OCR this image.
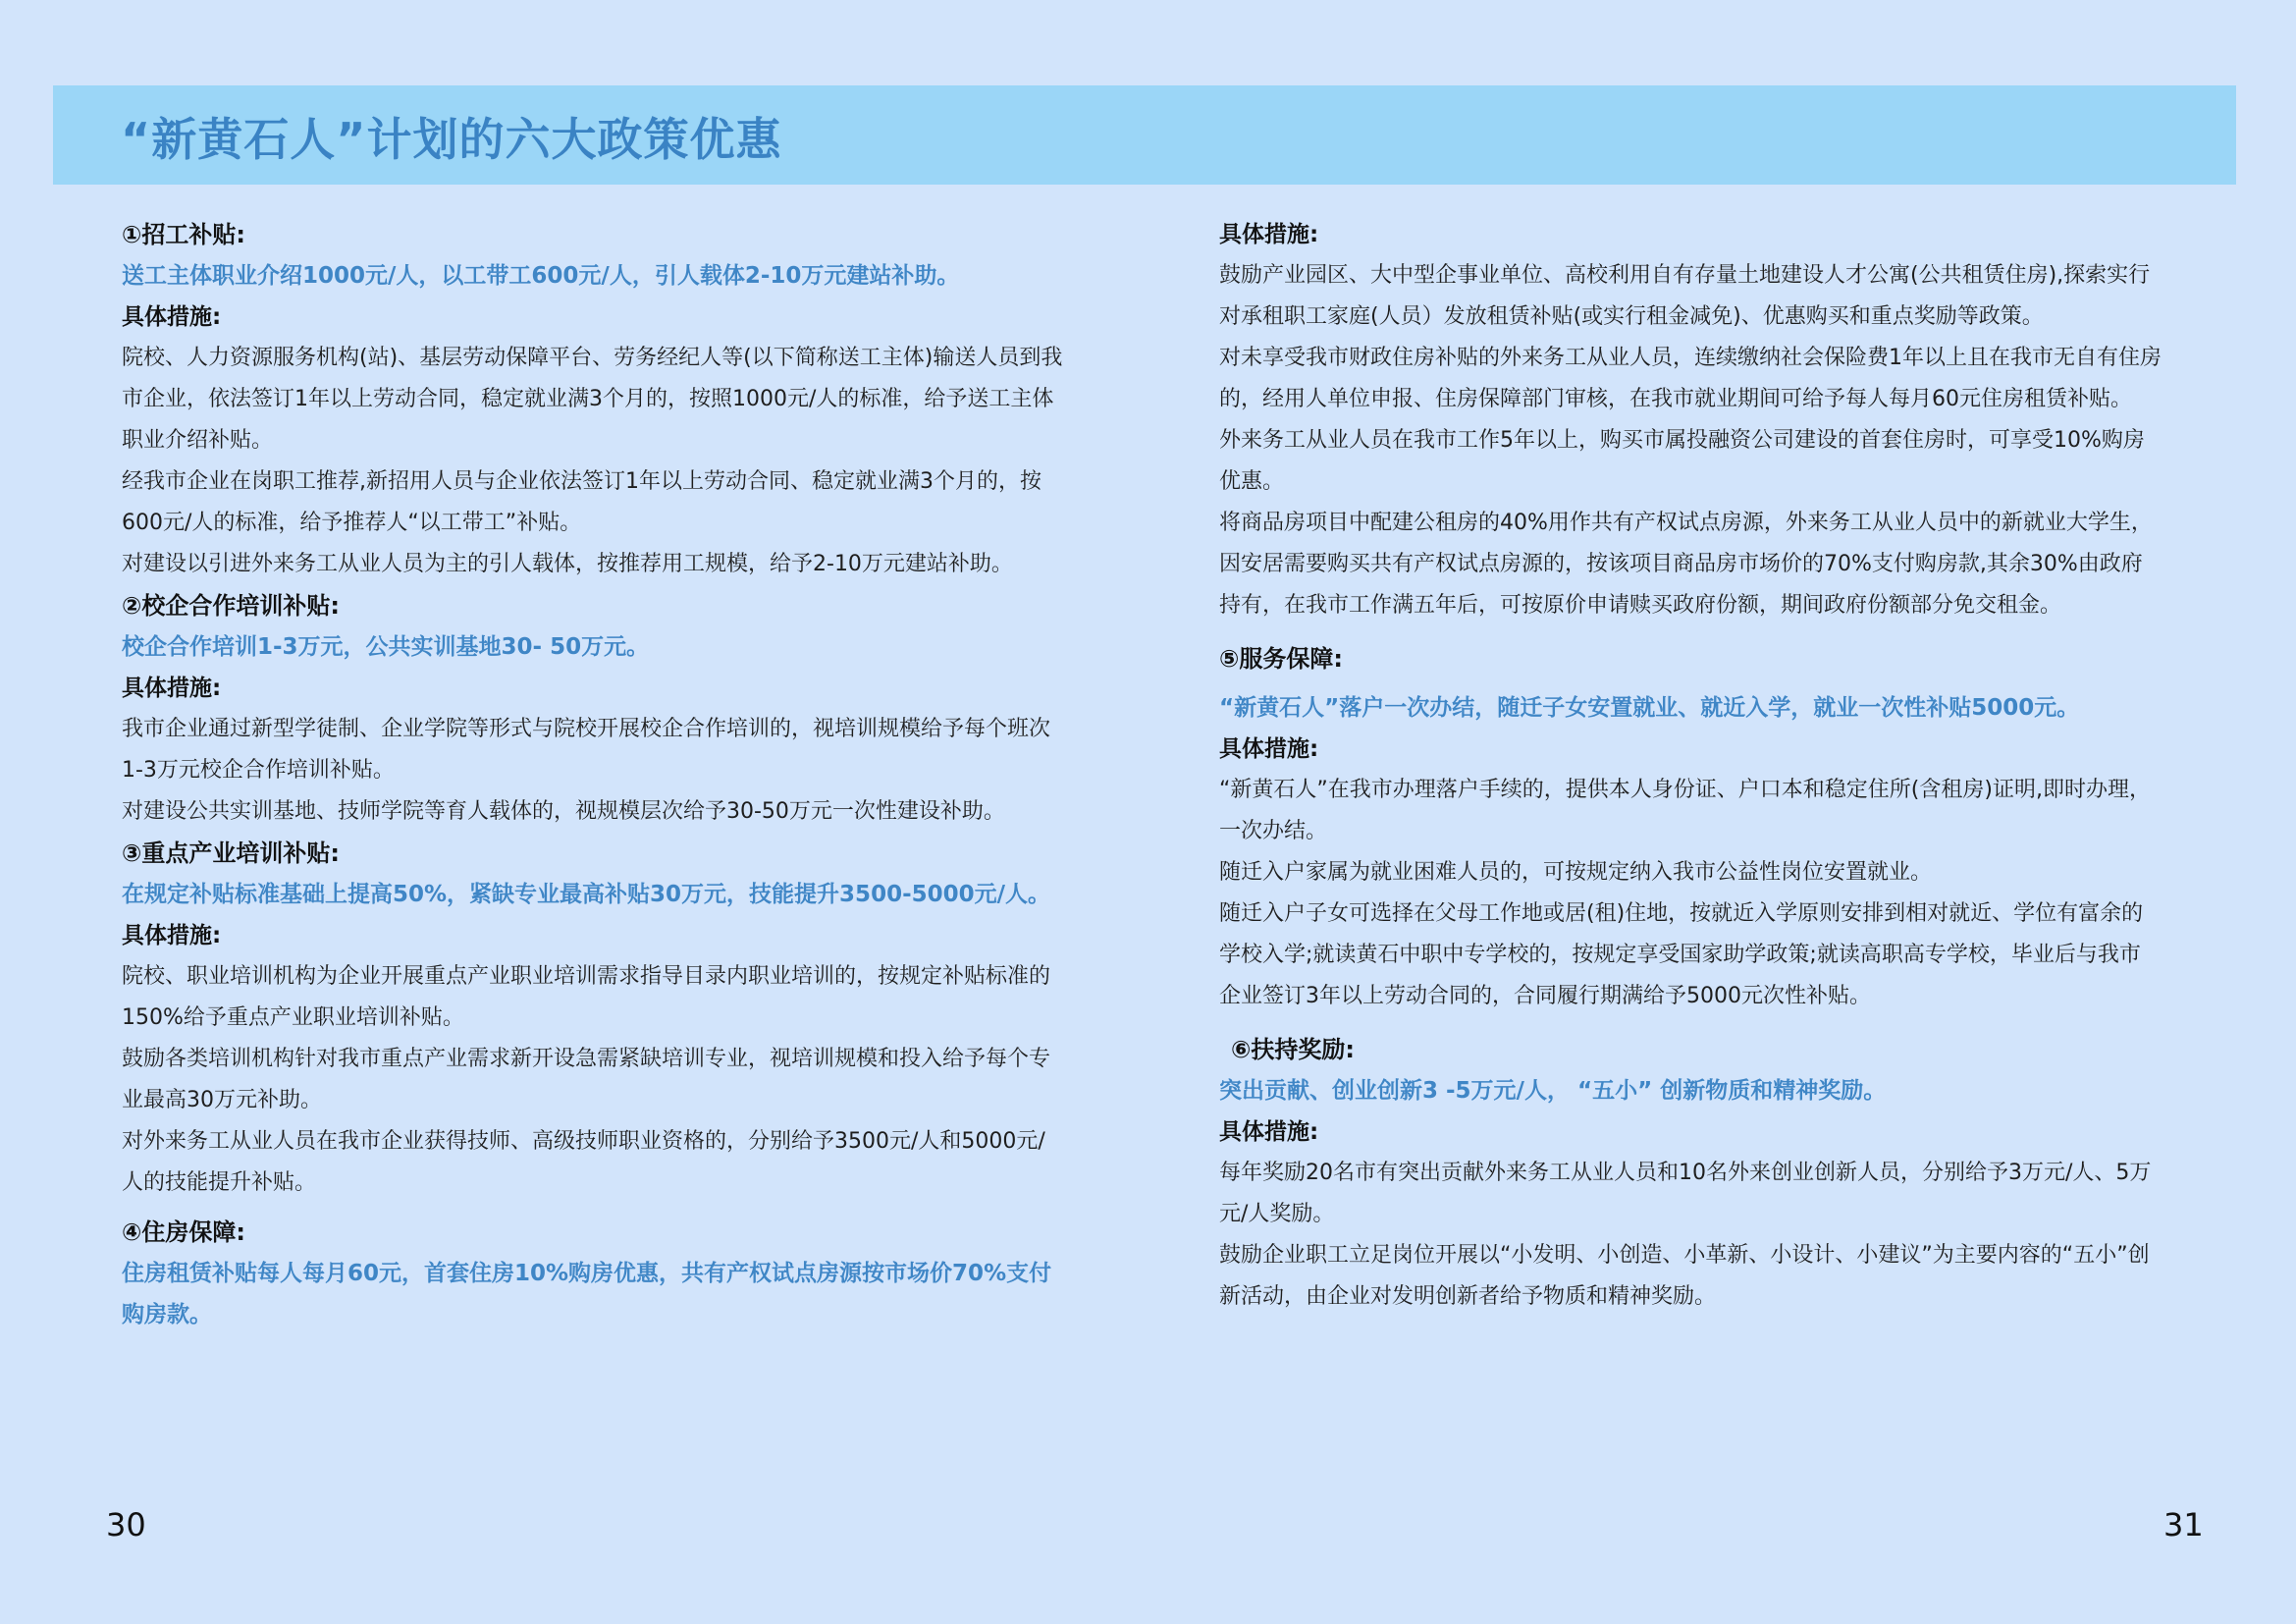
“新黄石人”计划的六大政策优惠

①招工补贴:

送工主体职业介绍1000元/人，以工带工600元/人，引人载体2-10万元建站补助。

具体措施:

院校、人力资源服务机构(站)、基层劳动保障平台、劳务经纪人等(以下简称送工主体)输送人员到我市企业，依法签订1年以上劳动合同，稳定就业满3个月的，按照1000元/人的标准，给予送工主体职业介绍补贴。

经我市企业在岗职工推荐,新招用人员与企业依法签订1年以上劳动合同、稳定就业满3个月的，按600元/人的标准，给予推荐人“以工带工”补贴。

对建设以引进外来务工从业人员为主的引人载体，按推荐用工规模，给予2-10万元建站补助。

②校企合作培训补贴:

校企合作培训1-3万元，公共实训基地30- 50万元。

具体措施:

我市企业通过新型学徒制、企业学院等形式与院校开展校企合作培训的，视培训规模给予每个班次1-3万元校企合作培训补贴。

对建设公共实训基地、技师学院等育人载体的，视规模层次给予30-50万元一次性建设补助。

③重点产业培训补贴:

在规定补贴标准基础上提高50%，紧缺专业最高补贴30万元，技能提升3500-5000元/人。

具体措施:

院校、职业培训机构为企业开展重点产业职业培训需求指导目录内职业培训的，按规定补贴标准的150%给予重点产业职业培训补贴。

鼓励各类培训机构针对我市重点产业需求新开设急需紧缺培训专业，视培训规模和投入给予每个专业最高30万元补助。

对外来务工从业人员在我市企业获得技师、高级技师职业资格的，分别给予3500元/人和5000元/人的技能提升补贴。

④住房保障:

住房租赁补贴每人每月60元，首套住房10%购房优惠，共有产权试点房源按市场价70%支付购房款。

具体措施:

鼓励产业园区、大中型企事业单位、高校利用自有存量土地建设人才公寓(公共租赁住房),探索实行对承租职工家庭(人员）发放租赁补贴(或实行租金减免)、优惠购买和重点奖励等政策。

对未享受我市财政住房补贴的外来务工从业人员，连续缴纳社会保险费1年以上且在我市无自有住房的，经用人单位申报、住房保障部门审核，在我市就业期间可给予每人每月60元住房租赁补贴。

外来务工从业人员在我市工作5年以上，购买市属投融资公司建设的首套住房时，可享受10%购房优惠。

将商品房项目中配建公租房的40%用作共有产权试点房源，外来务工从业人员中的新就业大学生，因安居需要购买共有产权试点房源的，按该项目商品房市场价的70%支付购房款,其余30%由政府持有，在我市工作满五年后，可按原价申请赎买政府份额，期间政府份额部分免交租金。

⑤服务保障:

“新黄石人”落户一次办结，随迁子女安置就业、就近入学，就业一次性补贴5000元。

具体措施:

“新黄石人”在我市办理落户手续的，提供本人身份证、户口本和稳定住所(含租房)证明,即时办理，一次办结。

随迁入户家属为就业困难人员的，可按规定纳入我市公益性岗位安置就业。

随迁入户子女可选择在父母工作地或居(租)住地，按就近入学原则安排到相对就近、学位有富余的学校入学;就读黄石中职中专学校的，按规定享受国家助学政策;就读高职高专学校，毕业后与我市企业签订3年以上劳动合同的，合同履行期满给予5000元次性补贴。

⑥扶持奖励:

突出贡献、创业创新3 -5万元/人， “五小” 创新物质和精神奖励。

具体措施:

每年奖励20名市有突出贡献外来务工从业人员和10名外来创业创新人员，分别给予3万元/人、5万元/人奖励。

鼓励企业职工立足岗位开展以“小发明、小创造、小革新、小设计、小建议”为主要内容的“五小”创新活动，由企业对发明创新者给予物质和精神奖励。

30	31
